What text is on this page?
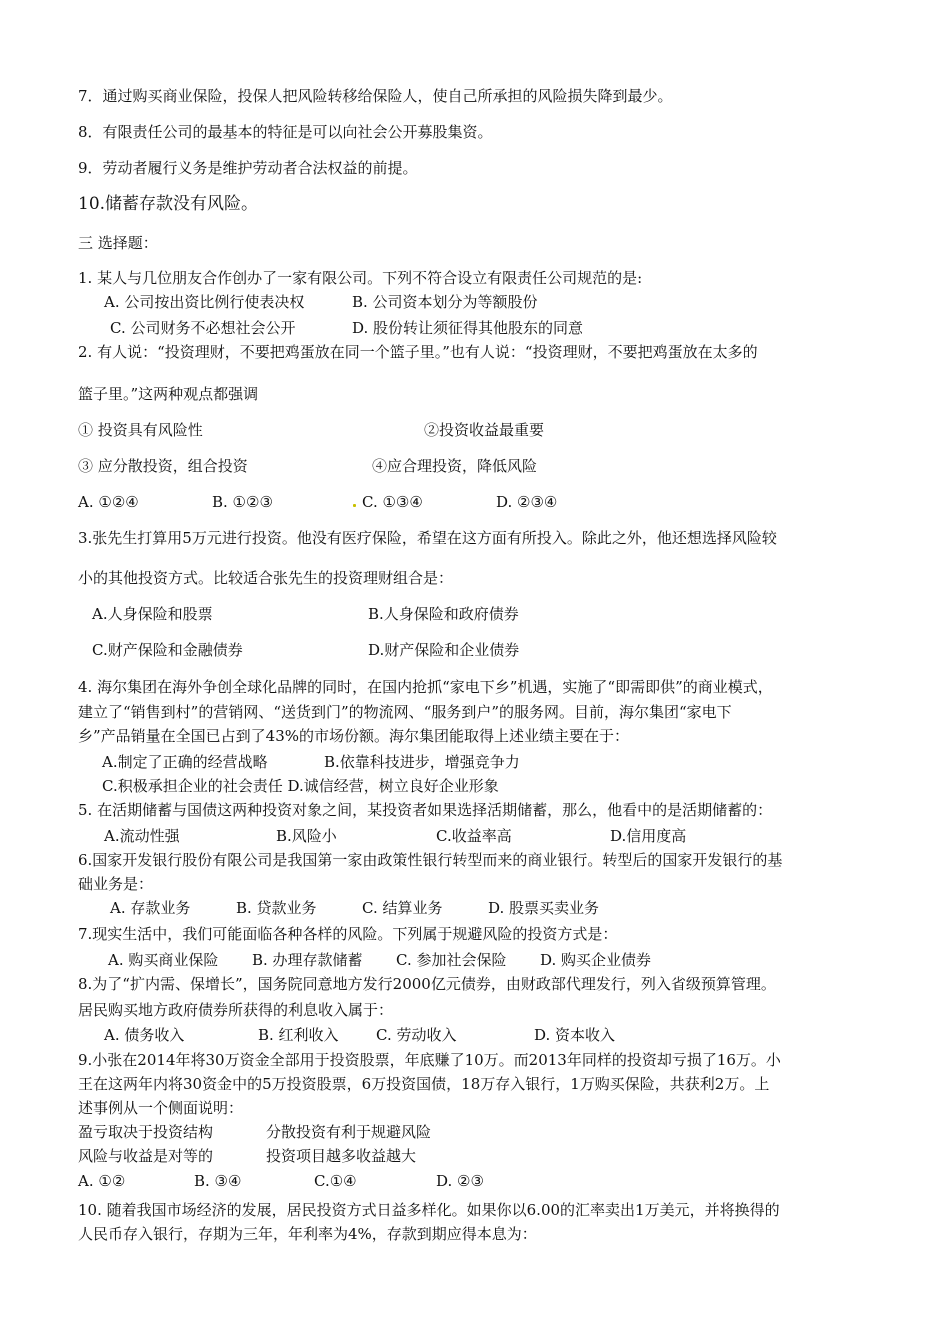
7．通过购买商业保险，投保人把风险转移给保险人，使自己所承担的风险损失降到最少。
8．有限责任公司的最基本的特征是可以向社会公开募股集资。
9．劳动者履行义务是维护劳动者合法权益的前提。
10.储蓄存款没有风险。
三 选择题：
1. 某人与几位朋友合作创办了一家有限公司。下列不符合设立有限责任公司规范的是:
A. 公司按出资比例行使表决权	B. 公司资本划分为等额股份
C. 公司财务不必想社会公开	D. 股份转让须征得其他股东的同意
2. 有人说：“投资理财，不要把鸡蛋放在同一个篮子里。”也有人说：“投资理财，不要把鸡蛋放在太多的
篮子里。”这两种观点都强调
① 投资具有风险性	②投资收益最重要
③ 应分散投资，组合投资	④应合理投资，降低风险
A. ①②④	B. ①②③	C. ①③④	D. ②③④
3.张先生打算用5万元进行投资。他没有医疗保险，希望在这方面有所投入。除此之外，他还想选择风险较
小的其他投资方式。比较适合张先生的投资理财组合是：
A.人身保险和股票	B.人身保险和政府债券
C.财产保险和金融债券	D.财产保险和企业债券
4. 海尔集团在海外争创全球化品牌的同时，在国内抢抓“家电下乡”机遇，实施了“即需即供”的商业模式，
建立了“销售到村”的营销网、“送货到门”的物流网、“服务到户”的服务网。目前，海尔集团“家电下
乡”产品销量在全国已占到了43%的市场份额。海尔集团能取得上述业绩主要在于：
A.制定了正确的经营战略	B.依靠科技进步，增强竞争力
C.积极承担企业的社会责任 D.诚信经营，树立良好企业形象
5. 在活期储蓄与国债这两种投资对象之间，某投资者如果选择活期储蓄，那么，他看中的是活期储蓄的：
A.流动性强	B.风险小	C.收益率高	D.信用度高
6.国家开发银行股份有限公司是我国第一家由政策性银行转型而来的商业银行。转型后的国家开发银行的基
础业务是：
A. 存款业务	B. 贷款业务	C. 结算业务	D. 股票买卖业务
7.现实生活中，我们可能面临各种各样的风险。下列属于规避风险的投资方式是：
A. 购买商业保险 B. 办理存款储蓄 C. 参加社会保险 D. 购买企业债券
8.为了“扩内需、保增长”，国务院同意地方发行2000亿元债券，由财政部代理发行，列入省级预算管理。
居民购买地方政府债券所获得的利息收入属于：
A. 债务收入	B. 红利收入 C. 劳动收入	D. 资本收入
9.小张在2014年将30万资金全部用于投资股票，年底赚了10万。而2013年同样的投资却亏损了16万。小
王在这两年内将30资金中的5万投资股票，6万投资国债，18万存入银行，1万购买保险，共获利2万。上
述事例从一个侧面说明：
盈亏取决于投资结构	分散投资有利于规避风险
风险与收益是对等的	投资项目越多收益越大
A. ①②	B. ③④	C.①④	D. ②③
10. 随着我国市场经济的发展，居民投资方式日益多样化。如果你以6.00的汇率卖出1万美元，并将换得的
人民币存入银行，存期为三年，年利率为4%，存款到期应得本息为：
